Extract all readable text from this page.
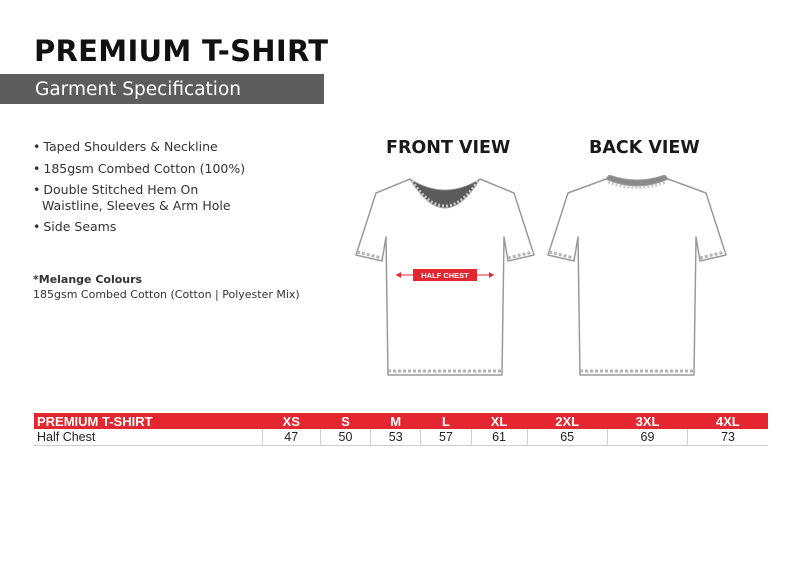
PREMIUM T-SHIRT
Garment Specification
• Taped Shoulders & Neckline
• 185gsm Combed Cotton (100%)
• Double Stitched Hem On
Waistline, Sleeves & Arm Hole
• Side Seams
*Melange Colours
185gsm Combed Cotton (Cotton | Polyester Mix)
FRONT VIEW	BACK VIEW
HALF CHEST
PREMIUM T-SHIRT	XS	S	M	L	XL	2XL	3XL	4XL
Half Chest	47	50	53	57	61	65	69	73
